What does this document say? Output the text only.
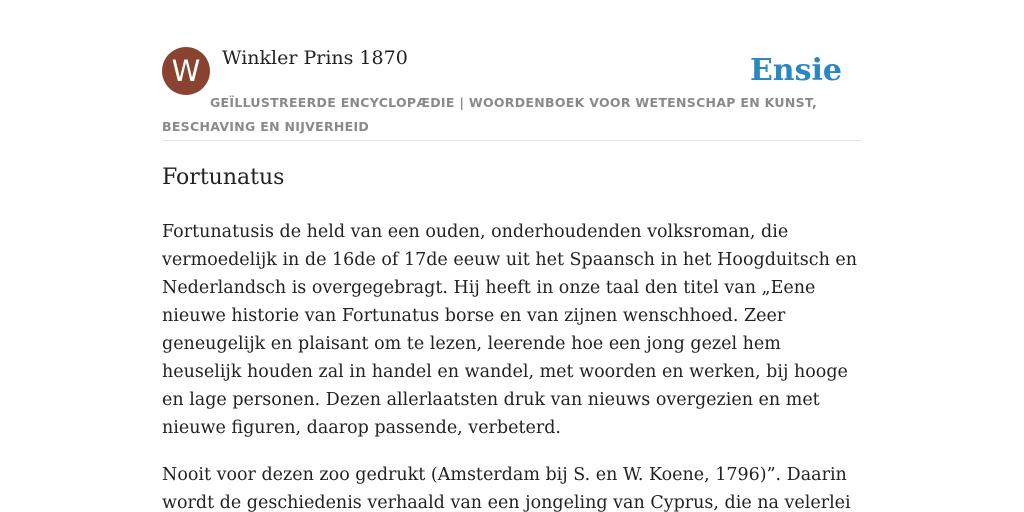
W	Winkler Prins 1870	Ensie
GEÏLLUSTREERDE ENCYCLOPÆDIE | WOORDENBOEK VOOR WETENSCHAP EN KUNST, BESCHAVING EN NIJVERHEID
Fortunatus

Fortunatusis de held van een ouden, onderhoudenden volksroman, die vermoedelijk in de 16de of 17de eeuw uit het Spaansch in het Hoogduitsch en Nederlandsch is overgegebragt. Hij heeft in onze taal den titel van „Eene nieuwe historie van Fortunatus borse en van zijnen wenschhoed. Zeer geneugelijk en plaisant om te lezen, leerende hoe een jong gezel hem heuselijk houden zal in handel en wandel, met woorden en werken, bij hooge en lage personen. Dezen allerlaatsten druk van nieuws overgezien en met nieuwe figuren, daarop passende, verbeterd.

Nooit voor dezen zoo gedrukt (Amsterdam bij S. en W. Koene, 1796)”. Daarin wordt de geschiedenis verhaald van een jongeling van Cyprus, die na velerlei
